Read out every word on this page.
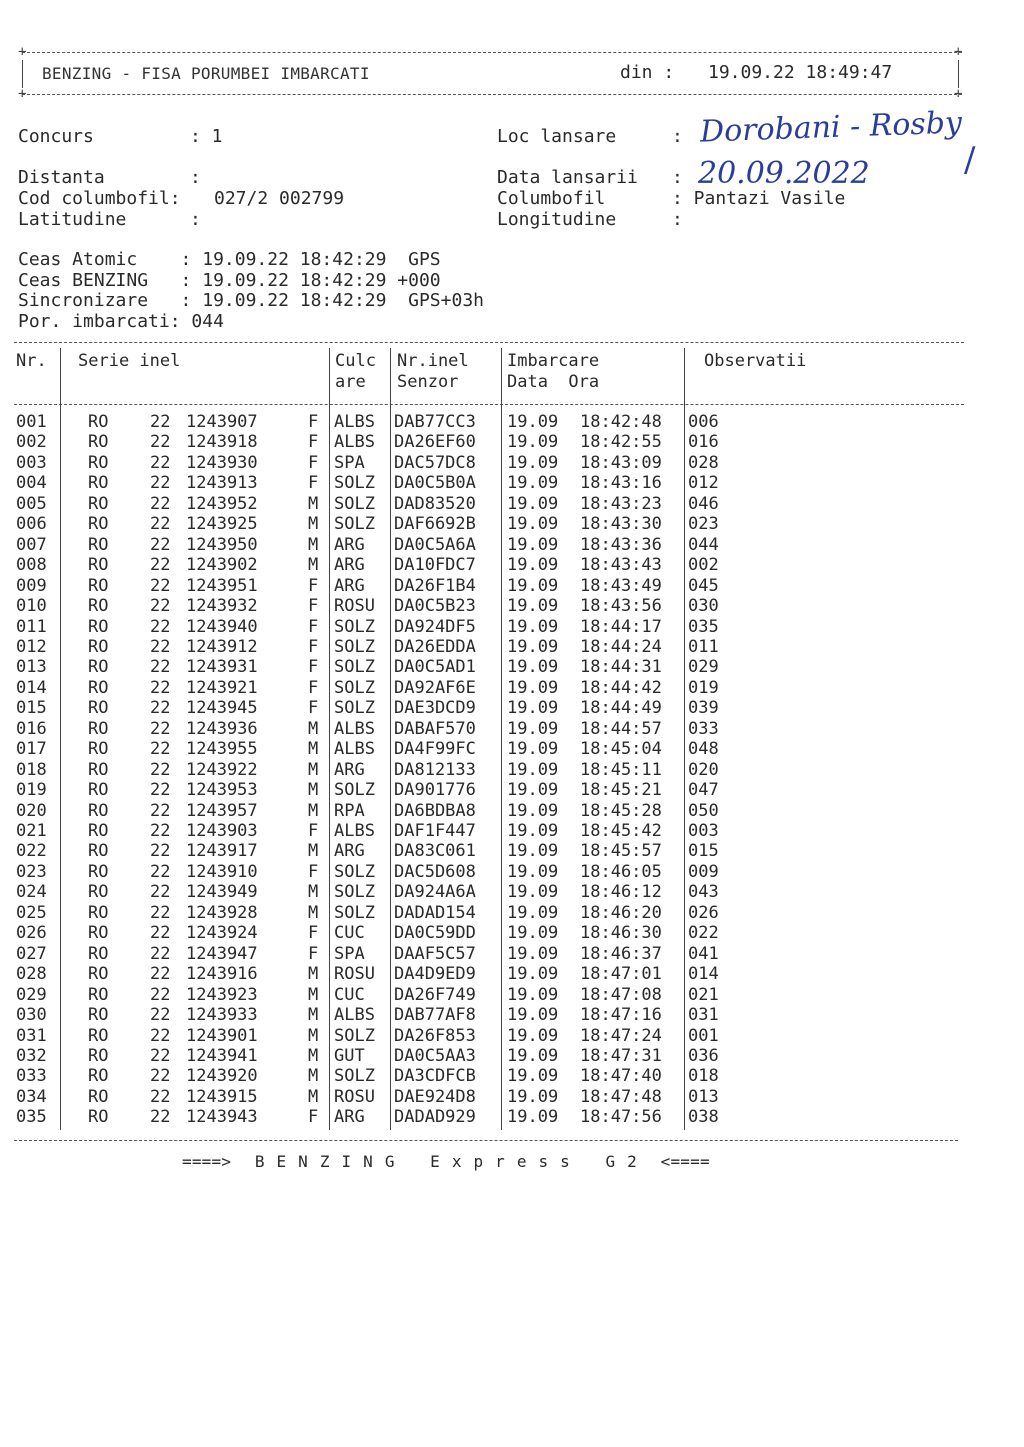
+	+
+	+
BENZING - FISA PORUMBEI IMBARCATI	din : 19.09.22 18:49:47
Concurs	: 1	Loc lansare	: Dorobani - Rosby
/
Distanta	:	Data lansarii : 20.09.2022
Cod columbofil: 027/2 002799	Columbofil	: Pantazi Vasile
Latitudine	:	Longitudine	:
Ceas Atomic    : 19.09.22 18:42:29  GPS
Ceas BENZING   : 19.09.22 18:42:29 +000
Sincronizare   : 19.09.22 18:42:29  GPS+03h
Por. imbarcati: 044
Nr. Serie inel	Culc
are
Nr.inel
Senzor
Imbarcare
Data  Ora
Observatii
001 RO 22 1243907	F ALBS DAB77CC3 19.09 18:42:48 006
002 RO 22 1243918	F ALBS DA26EF60 19.09 18:42:55 016
003 RO 22 1243930	F SPA DAC57DC8 19.09 18:43:09 028
004 RO 22 1243913	F SOLZ DA0C5B0A 19.09 18:43:16 012
005 RO 22 1243952	M SOLZ DAD83520 19.09 18:43:23 046
006 RO 22 1243925	M SOLZ DAF6692B 19.09 18:43:30 023
007 RO 22 1243950	M ARG DA0C5A6A 19.09 18:43:36 044
008 RO 22 1243902	M ARG DA10FDC7 19.09 18:43:43 002
009 RO 22 1243951	F ARG DA26F1B4 19.09 18:43:49 045
010 RO 22 1243932	F ROSU DA0C5B23 19.09 18:43:56 030
011 RO 22 1243940	F SOLZ DA924DF5 19.09 18:44:17 035
012 RO 22 1243912	F SOLZ DA26EDDA 19.09 18:44:24 011
013 RO 22 1243931	F SOLZ DA0C5AD1 19.09 18:44:31 029
014 RO 22 1243921	F SOLZ DA92AF6E 19.09 18:44:42 019
015 RO 22 1243945	F SOLZ DAE3DCD9 19.09 18:44:49 039
016 RO 22 1243936	M ALBS DABAF570 19.09 18:44:57 033
017 RO 22 1243955	M ALBS DA4F99FC 19.09 18:45:04 048
018 RO 22 1243922	M ARG DA812133 19.09 18:45:11 020
019 RO 22 1243953	M SOLZ DA901776 19.09 18:45:21 047
020 RO 22 1243957	M RPA DA6BDBA8 19.09 18:45:28 050
021 RO 22 1243903	F ALBS DAF1F447 19.09 18:45:42 003
022 RO 22 1243917	M ARG DA83C061 19.09 18:45:57 015
023 RO 22 1243910	F SOLZ DAC5D608 19.09 18:46:05 009
024 RO 22 1243949	M SOLZ DA924A6A 19.09 18:46:12 043
025 RO 22 1243928	M SOLZ DADAD154 19.09 18:46:20 026
026 RO 22 1243924	F CUC DA0C59DD 19.09 18:46:30 022
027 RO 22 1243947	F SPA DAAF5C57 19.09 18:46:37 041
028 RO 22 1243916	M ROSU DA4D9ED9 19.09 18:47:01 014
029 RO 22 1243923	M CUC DA26F749 19.09 18:47:08 021
030 RO 22 1243933	M ALBS DAB77AF8 19.09 18:47:16 031
031 RO 22 1243901	M SOLZ DA26F853 19.09 18:47:24 001
032 RO 22 1243941	M GUT DA0C5AA3 19.09 18:47:31 036
033 RO 22 1243920	M SOLZ DA3CDFCB 19.09 18:47:40 018
034 RO 22 1243915	M ROSU DAE924D8 19.09 18:47:48 013
035 RO 22 1243943	F ARG DADAD929 19.09 18:47:56 038
====>  B E N Z I N G   E x p r e s s   G 2  <====
